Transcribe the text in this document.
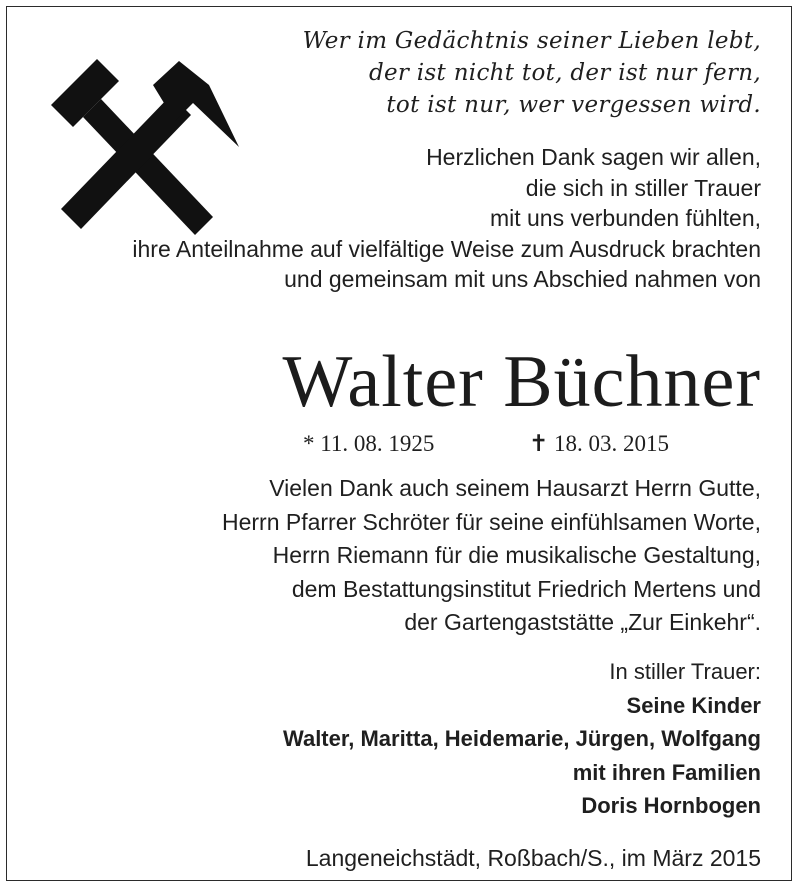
Wer im Gedächtnis seiner Lieben lebt,
der ist nicht tot, der ist nur fern,
tot ist nur, wer vergessen wird.
Herzlichen Dank sagen wir allen,
die sich in stiller Trauer
mit uns verbunden fühlten,
ihre Anteilnahme auf vielfältige Weise zum Ausdruck brachten
und gemeinsam mit uns Abschied nahmen von
Walter Büchner
* 11. 08. 1925	✝ 18. 03. 2015
Vielen Dank auch seinem Hausarzt Herrn Gutte,
Herrn Pfarrer Schröter für seine einfühlsamen Worte,
Herrn Riemann für die musikalische Gestaltung,
dem Bestattungsinstitut Friedrich Mertens und
der Gartengaststätte „Zur Einkehr“.
In stiller Trauer:
Seine Kinder
Walter, Maritta, Heidemarie, Jürgen, Wolfgang
mit ihren Familien
Doris Hornbogen
Langeneichstädt, Roßbach/S., im März 2015
